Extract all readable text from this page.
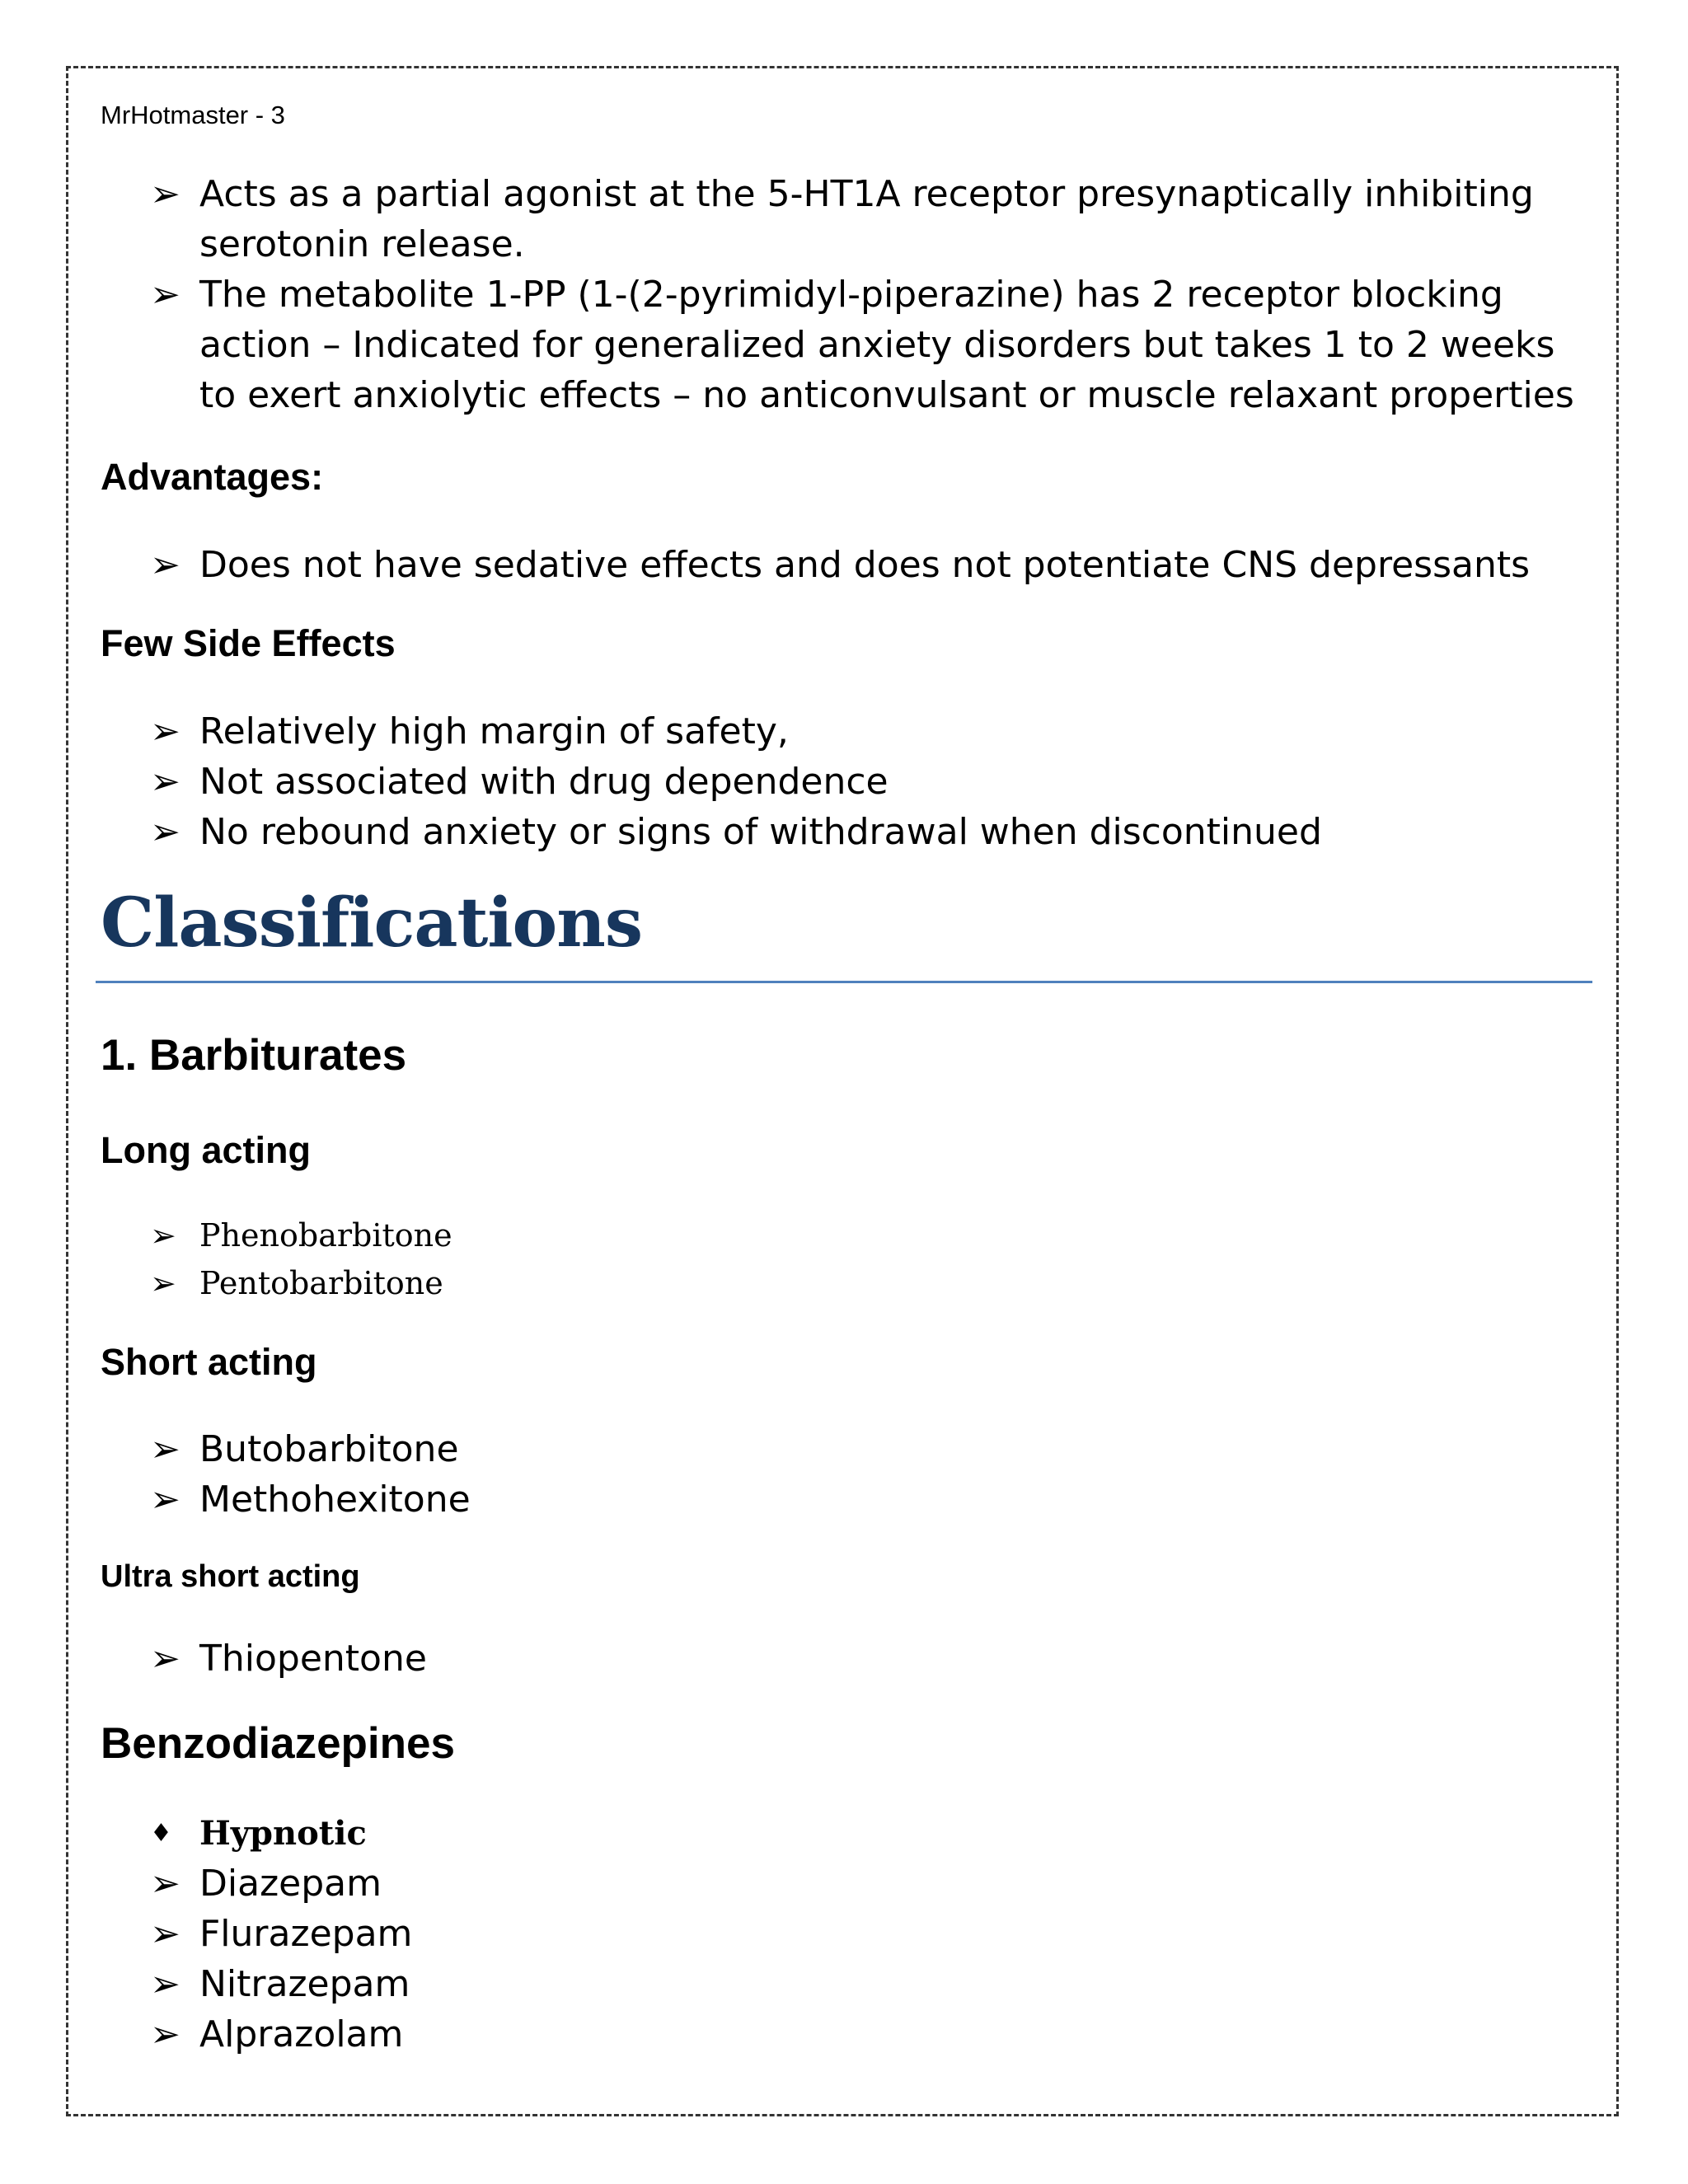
MrHotmaster - 3
➢ Acts as a partial agonist at the 5-HT1A receptor presynaptically inhibiting serotonin release.
➢ The metabolite 1-PP (1-(2-pyrimidyl-piperazine) has 2 receptor blocking action – Indicated for generalized anxiety disorders but takes 1 to 2 weeks to exert anxiolytic effects – no anticonvulsant or muscle relaxant properties
Advantages:
➢ Does not have sedative effects and does not potentiate CNS depressants
Few Side Effects
➢ Relatively high margin of safety,
➢ Not associated with drug dependence
➢ No rebound anxiety or signs of withdrawal when discontinued
Classifications
1. Barbiturates
Long acting
➢ Phenobarbitone
➢ Pentobarbitone
Short acting
➢ Butobarbitone
➢ Methohexitone
Ultra short acting
➢ Thiopentone
Benzodiazepines
♦ Hypnotic
➢ Diazepam
➢ Flurazepam
➢ Nitrazepam
➢ Alprazolam
